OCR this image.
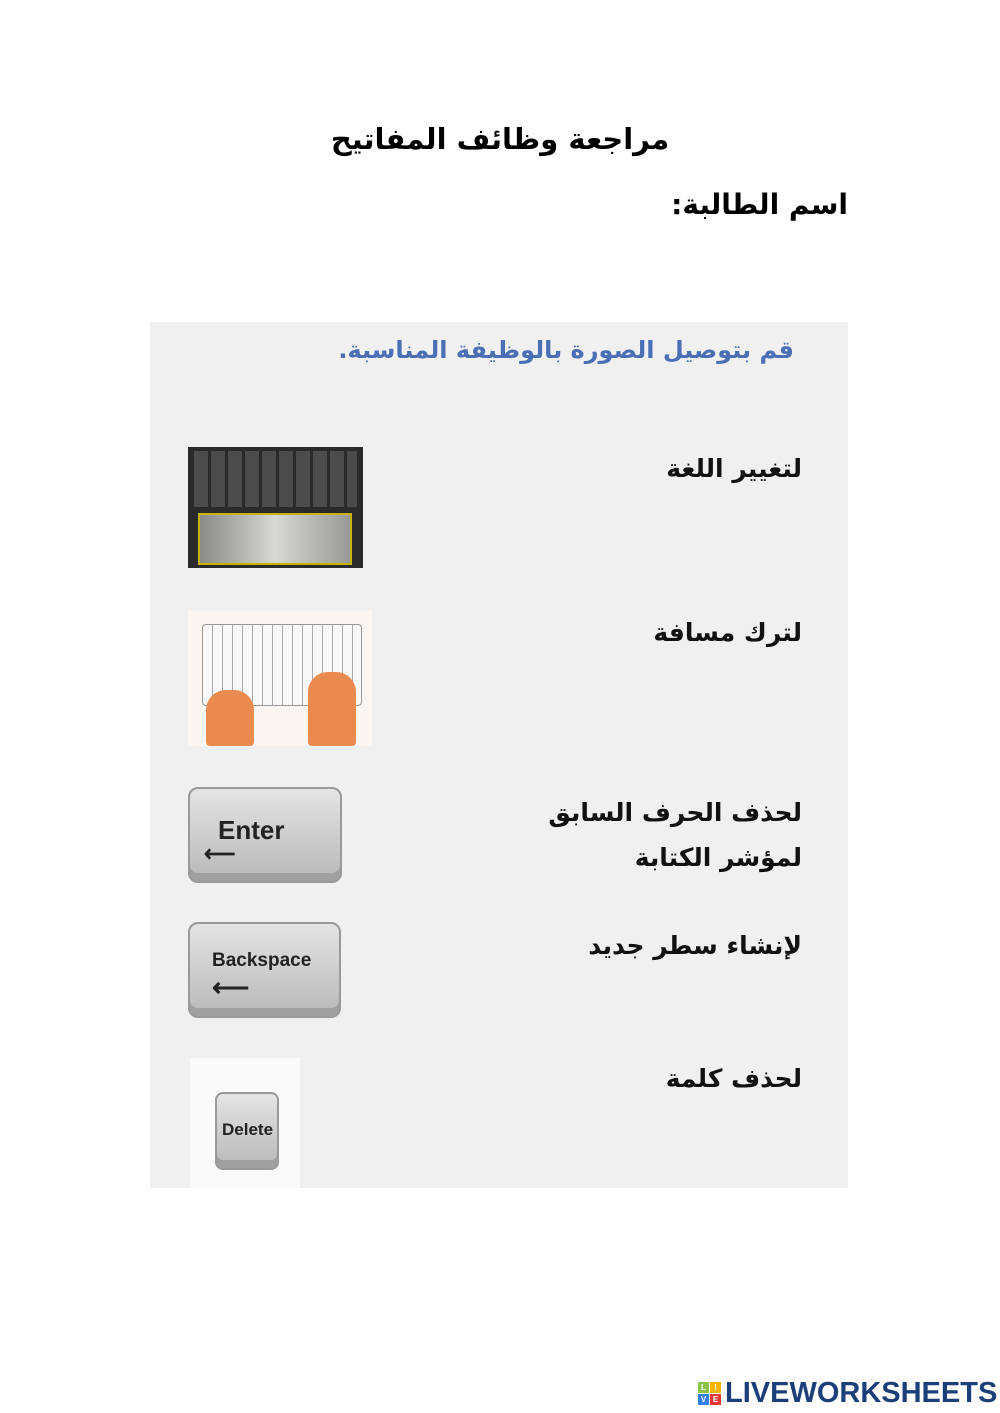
مراجعة وظائف المفاتيح
اسم الطالبة:
قم بتوصيل الصورة بالوظيفة المناسبة.
لتغيير اللغة
لترك مسافة
لحذف الحرف السابق لمؤشر الكتابة
لإنشاء سطر جديد
لحذف كلمة
Enter
⟵
Backspace
⟵
Delete
L	I
V E LIVEWORKSHEETS
